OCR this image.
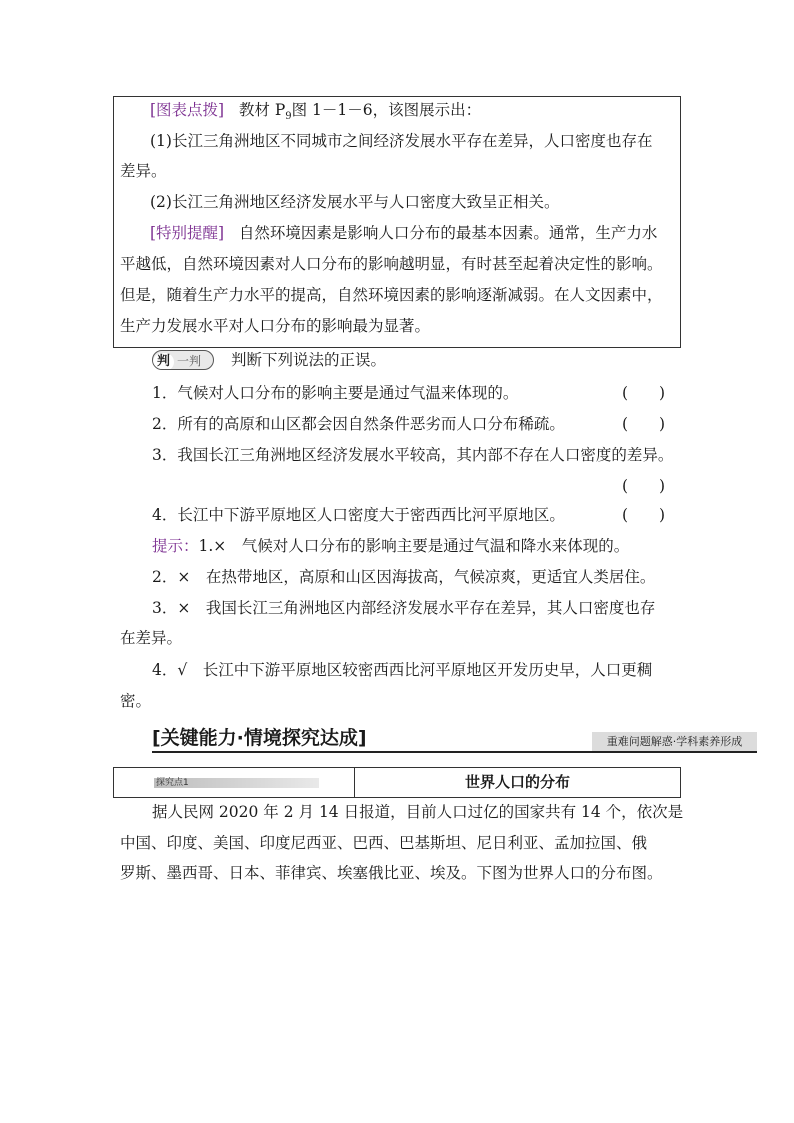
[图表点拨] 教材 $P_9$图 1－1－6，该图展示出：
(1)长江三角洲地区不同城市之间经济发展水平存在差异，人口密度也存在
差异。
(2)长江三角洲地区经济发展水平与人口密度大致呈正相关。
[特别提醒] 自然环境因素是影响人口分布的最基本因素。通常，生产力水
平越低，自然环境因素对人口分布的影响越明显，有时甚至起着决定性的影响。
但是，随着生产力水平的提高，自然环境因素的影响逐渐减弱。在人文因素中，
生产力发展水平对人口分布的影响最为显著。
判 一判	判断下列说法的正误。
1．气候对人口分布的影响主要是通过气温来体现的。	(　　)
2．所有的高原和山区都会因自然条件恶劣而人口分布稀疏。	(　　)
3．我国长江三角洲地区经济发展水平较高，其内部不存在人口密度的差异。
(　　)
4．长江中下游平原地区人口密度大于密西西比河平原地区。	(　　)
提示：1.×　气候对人口分布的影响主要是通过气温和降水来体现的。
2．×　在热带地区，高原和山区因海拔高，气候凉爽，更适宜人类居住。
3．×　我国长江三角洲地区内部经济发展水平存在差异，其人口密度也存
在差异。
4．√　长江中下游平原地区较密西西比河平原地区开发历史早，人口更稠
密。
[关键能力·情境探究达成]	重难问题解惑·学科素养形成
探究点1	世界人口的分布
据人民网 2020 年 2 月 14 日报道，目前人口过亿的国家共有 14 个，依次是
中国、印度、美国、印度尼西亚、巴西、巴基斯坦、尼日利亚、孟加拉国、俄
罗斯、墨西哥、日本、菲律宾、埃塞俄比亚、埃及。下图为世界人口的分布图。
